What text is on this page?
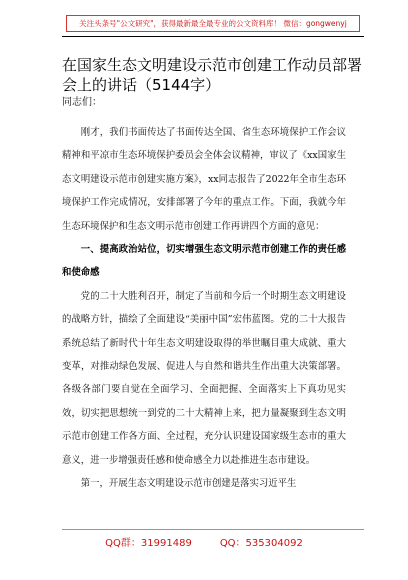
关注头条号"公文研究"，获得最新最全最专业的公文资料库！ 微信：gongwenyj
在国家生态文明建设示范市创建工作动员部署会上的讲话（5144字）
同志们：

刚才，我们书面传达了书面传达全国、省生态环境保护工作会议精神和平凉市生态环境保护委员会全体会议精神，审议了《xx国家生态文明建设示范市创建实施方案》，xx同志报告了2022年全市生态环境保护工作完成情况，安排部署了今年的重点工作。下面，我就今年生态环境保护和生态文明示范市创建工作再讲四个方面的意见：

一、提高政治站位，切实增强生态文明示范市创建工作的责任感和使命感

党的二十大胜利召开，制定了当前和今后一个时期生态文明建设的战略方针，描绘了全面建设“美丽中国”宏伟蓝图。党的二十大报告系统总结了新时代十年生态文明建设取得的举世瞩目重大成就、重大变革，对推动绿色发展、促进人与自然和谐共生作出重大决策部署。各级各部门要自觉在全面学习、全面把握、全面落实上下真功见实效，切实把思想统一到党的二十大精神上来，把力量凝聚到生态文明示范市创建工作各方面、全过程，充分认识建设国家级生态市的重大意义，进一步增强责任感和使命感全力以赴推进生态市建设。

第一，开展生态文明建设示范市创建是落实习近平生

QQ群：31991489	QQ：535304092
